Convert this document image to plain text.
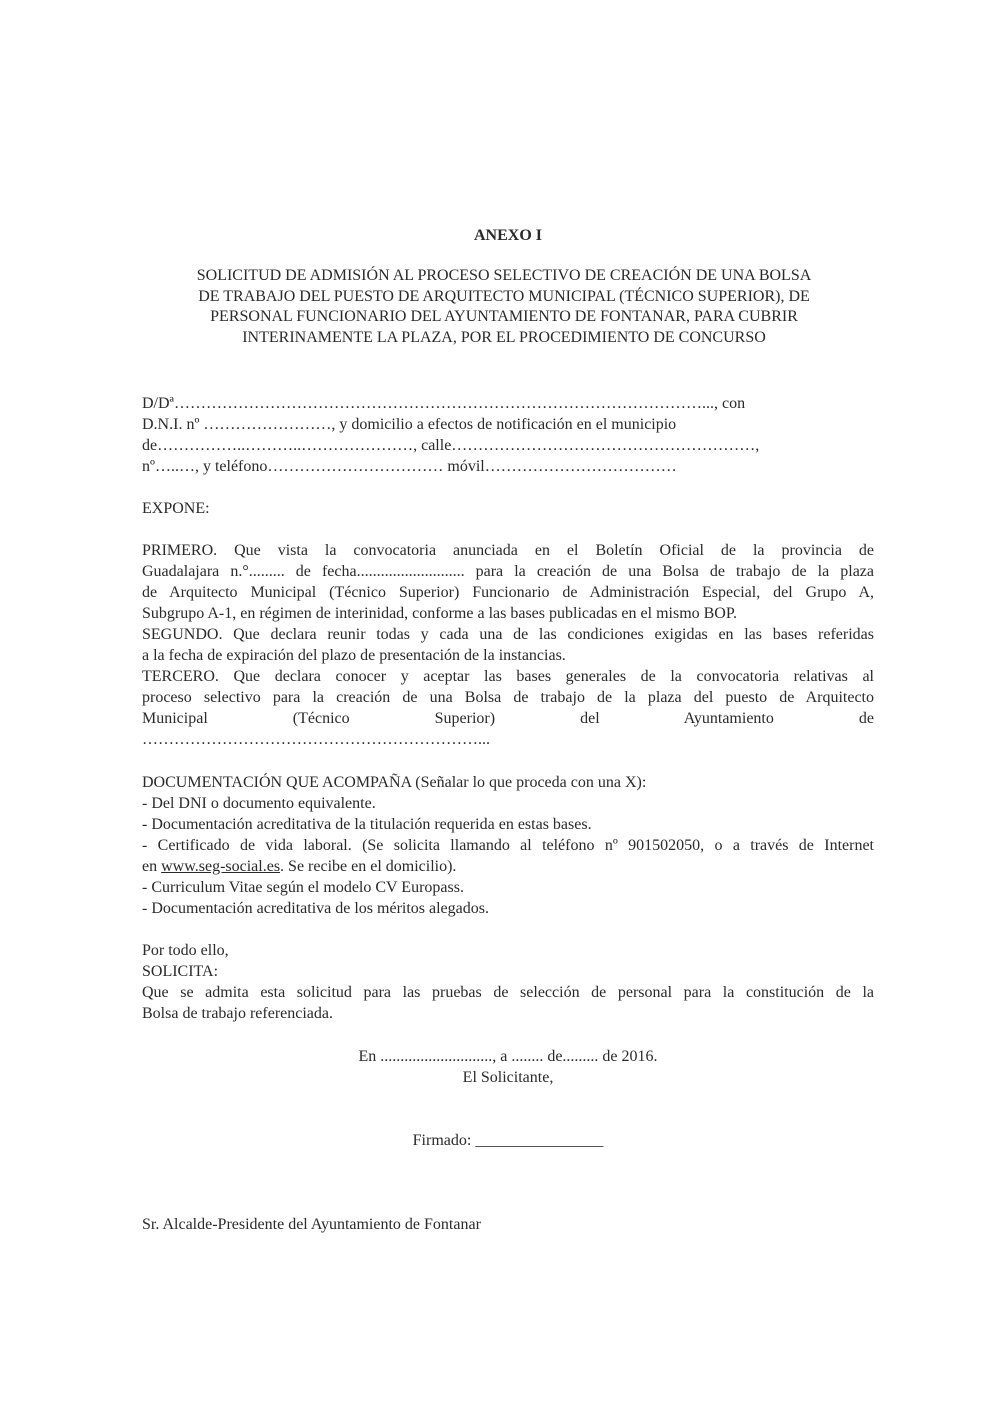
ANEXO I
SOLICITUD DE ADMISIÓN AL PROCESO SELECTIVO DE CREACIÓN DE UNA BOLSA
DE TRABAJO DEL PUESTO DE ARQUITECTO MUNICIPAL (TÉCNICO SUPERIOR), DE
PERSONAL FUNCIONARIO DEL AYUNTAMIENTO DE FONTANAR, PARA CUBRIR
INTERINAMENTE LA PLAZA, POR EL PROCEDIMIENTO DE CONCURSO
D/Dª………………………………………………………………………………………..., con
D.N.I. nº ……………………, y domicilio a efectos de notificación en el municipio
de……………..………..…………………, calle…………………………………………………,
nº…..…, y teléfono…………………………… móvil………………………………
EXPONE:
PRIMERO. Que vista la convocatoria anunciada en el Boletín Oficial de la provincia de
Guadalajara n.°......... de fecha........................... para la creación de una Bolsa de trabajo de la plaza
de Arquitecto Municipal (Técnico Superior) Funcionario de Administración Especial, del Grupo A,
Subgrupo A-1, en régimen de interinidad, conforme a las bases publicadas en el mismo BOP.
SEGUNDO. Que declara reunir todas y cada una de las condiciones exigidas en las bases referidas
a la fecha de expiración del plazo de presentación de la instancias.
TERCERO. Que declara conocer y aceptar las bases generales de la convocatoria relativas al
proceso selectivo para la creación de una Bolsa de trabajo de la plaza del puesto de Arquitecto
Municipal (Técnico Superior) del Ayuntamiento de
………………………………………………………...
DOCUMENTACIÓN QUE ACOMPAÑA (Señalar lo que proceda con una X):
- Del DNI o documento equivalente.
- Documentación acreditativa de la titulación requerida en estas bases.
- Certificado de vida laboral. (Se solicita llamando al teléfono nº 901502050, o a través de Internet
en www.seg-social.es. Se recibe en el domicilio).
- Curriculum Vitae según el modelo CV Europass.
- Documentación acreditativa de los méritos alegados.
Por todo ello,
SOLICITA:
Que se admita esta solicitud para las pruebas de selección de personal para la constitución de la
Bolsa de trabajo referenciada.
En ............................, a ........ de......... de 2016.
El Solicitante,
Firmado: ________________
Sr. Alcalde-Presidente del Ayuntamiento de Fontanar
